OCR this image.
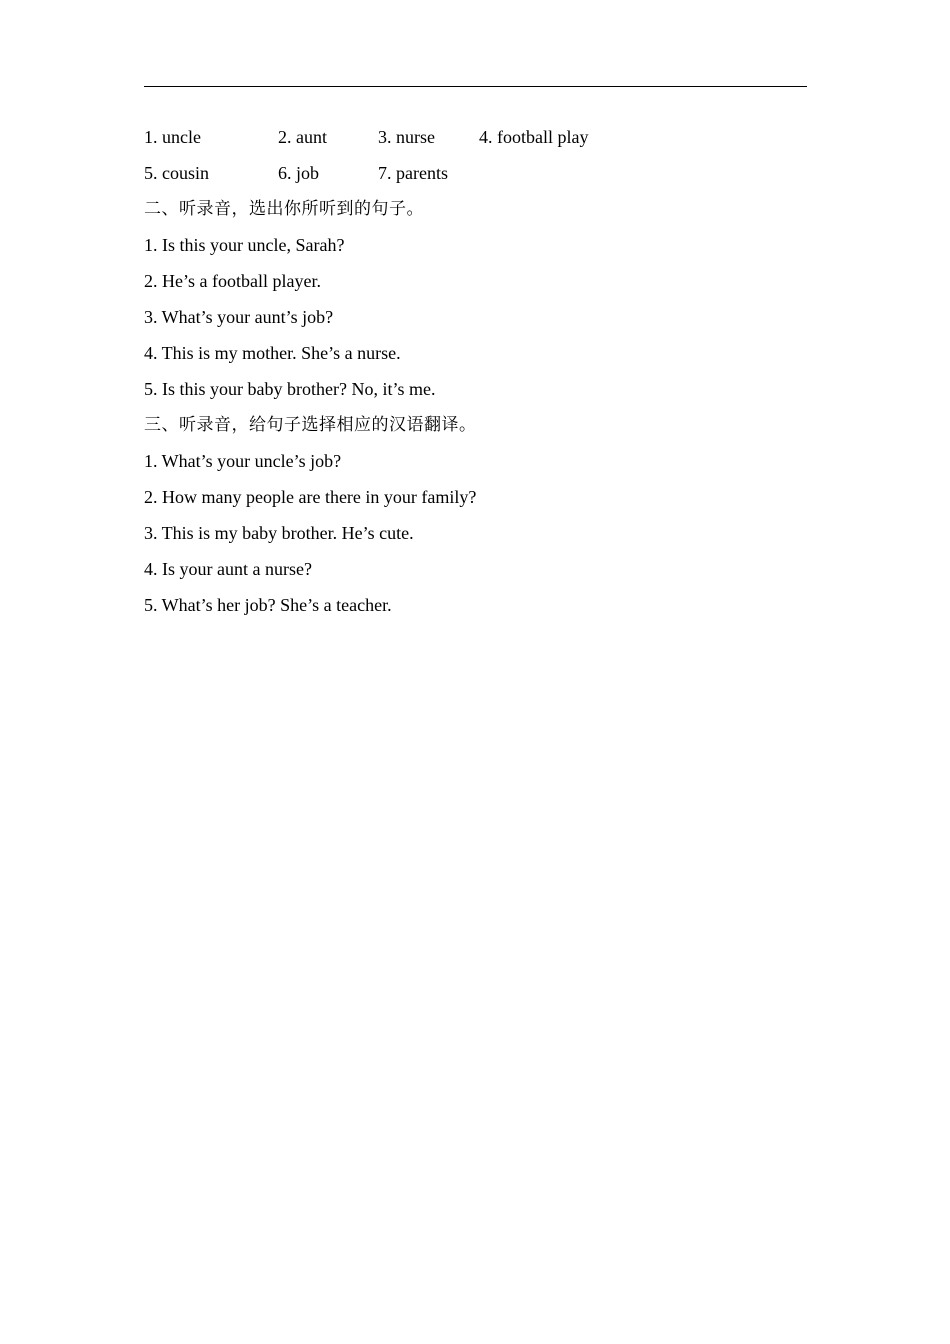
1. uncle	2. aunt	3. nurse	4. football play
5. cousin	6. job	7. parents
二、听录音，选出你所听到的句子。
1. Is this your uncle, Sarah?
2. He’s a football player.
3. What’s your aunt’s job?
4. This is my mother. She’s a nurse.
5. Is this your baby brother? No, it’s me.
三、听录音，给句子选择相应的汉语翻译。
1. What’s your uncle’s job?
2. How many people are there in your family?
3. This is my baby brother. He’s cute.
4. Is your aunt a nurse?
5. What’s her job? She’s a teacher.
